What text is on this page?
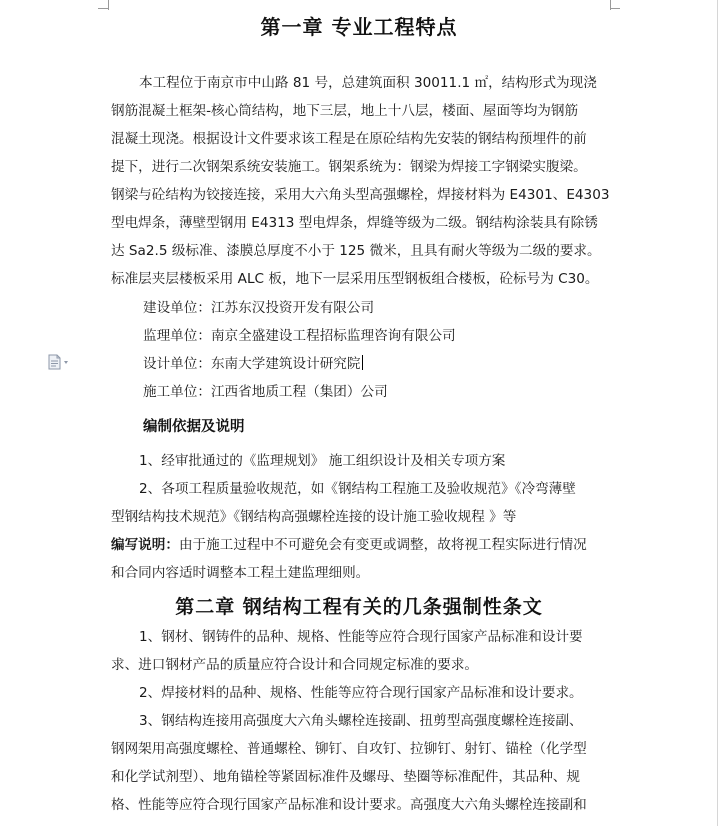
第一章 专业工程特点
本工程位于南京市中山路 81 号，总建筑面积 30011.1 ㎡，结构形式为现浇
钢筋混凝土框架-核心筒结构，地下三层，地上十八层，楼面、屋面等均为钢筋
混凝土现浇。根据设计文件要求该工程是在原砼结构先安装的钢结构预埋件的前
提下，进行二次钢架系统安装施工。钢架系统为：钢梁为焊接工字钢梁实腹梁。
钢梁与砼结构为铰接连接，采用大六角头型高强螺栓，焊接材料为 E4301、E4303
型电焊条，薄壁型钢用 E4313 型电焊条，焊缝等级为二级。钢结构涂装具有除锈
达 Sa2.5 级标准、漆膜总厚度不小于 125 微米，且具有耐火等级为二级的要求。
标准层夹层楼板采用 ALC 板，地下一层采用压型钢板组合楼板，砼标号为 C30。
建设单位：江苏东汉投资开发有限公司
监理单位：南京全盛建设工程招标监理咨询有限公司
设计单位：东南大学建筑设计研究院
施工单位：江西省地质工程（集团）公司
编制依据及说明
1、经审批通过的《监理规划》 施工组织设计及相关专项方案
2、各项工程质量验收规范，如《钢结构工程施工及验收规范》《冷弯薄壁
型钢结构技术规范》《钢结构高强螺栓连接的设计施工验收规程 》等
编写说明：由于施工过程中不可避免会有变更或调整，故将视工程实际进行情况
和合同内容适时调整本工程土建监理细则。
第二章 钢结构工程有关的几条强制性条文
1、钢材、钢铸件的品种、规格、性能等应符合现行国家产品标准和设计要
求、进口钢材产品的质量应符合设计和合同规定标准的要求。
2、焊接材料的品种、规格、性能等应符合现行国家产品标准和设计要求。
3、钢结构连接用高强度大六角头螺栓连接副、扭剪型高强度螺栓连接副、
钢网架用高强度螺栓、普通螺栓、铆钉、自攻钉、拉铆钉、射钉、锚栓（化学型
和化学试剂型）、地角锚栓等紧固标准件及螺母、垫圈等标准配件，其品种、规
格、性能等应符合现行国家产品标准和设计要求。高强度大六角头螺栓连接副和
